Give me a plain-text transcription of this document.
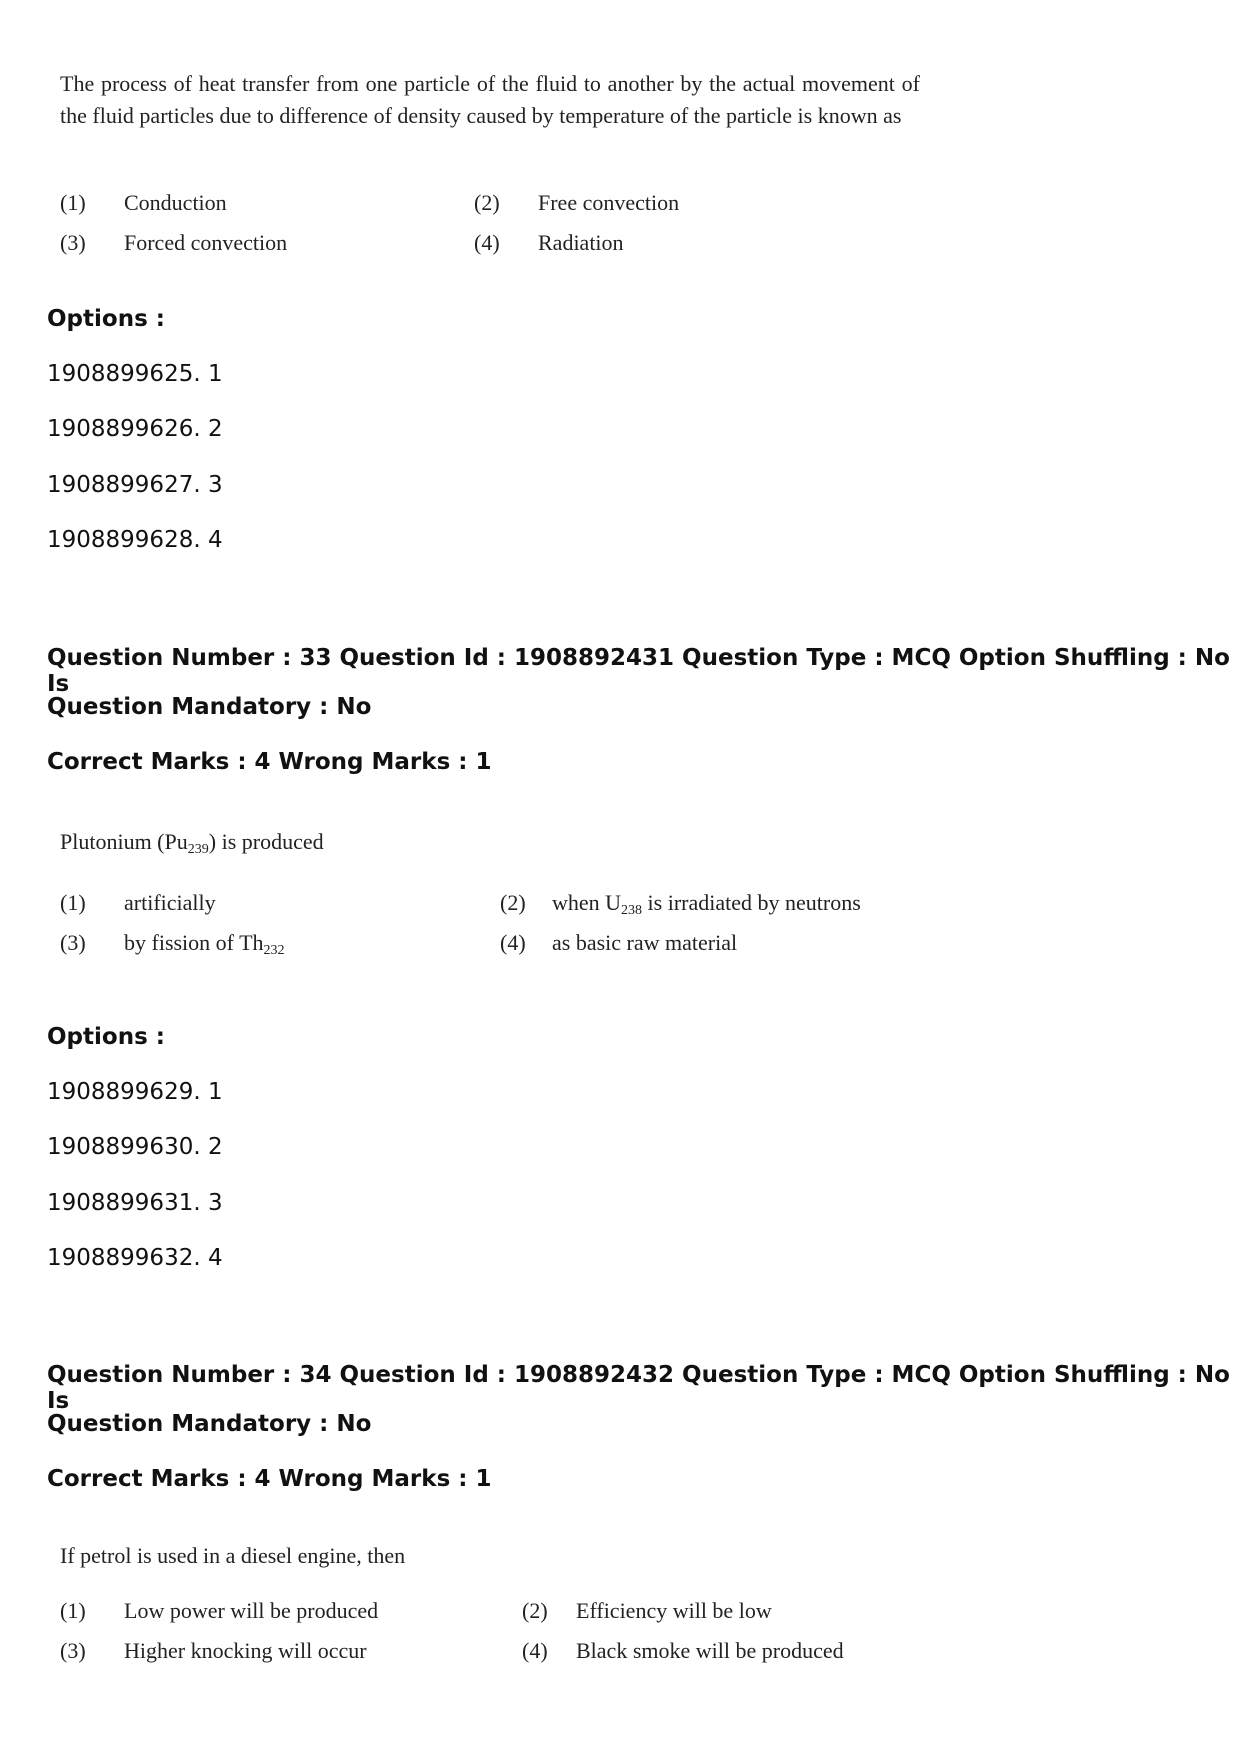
The process of heat transfer from one particle of the fluid to another by the actual movement of the fluid particles due to difference of density caused by temperature of the particle is known as

(1) Conduction	(2) Free convection
(3) Forced convection	(4) Radiation
Options :
1908899625. 1
1908899626. 2
1908899627. 3
1908899628. 4
Question Number : 33 Question Id : 1908892431 Question Type : MCQ Option Shuffling : No Is
Question Mandatory : No
Correct Marks : 4 Wrong Marks : 1

Plutonium $(Pu_{239})$ is produced

(1) artificially	(2) when $U_{238}$ is irradiated by neutrons
(3) by fission of $Th_{232}$	(4) as basic raw material
Options :
1908899629. 1
1908899630. 2
1908899631. 3
1908899632. 4
Question Number : 34 Question Id : 1908892432 Question Type : MCQ Option Shuffling : No Is
Question Mandatory : No
Correct Marks : 4 Wrong Marks : 1

If petrol is used in a diesel engine, then

(1) Low power will be produced	(2) Efficiency will be low
(3) Higher knocking will occur	(4) Black smoke will be produced
